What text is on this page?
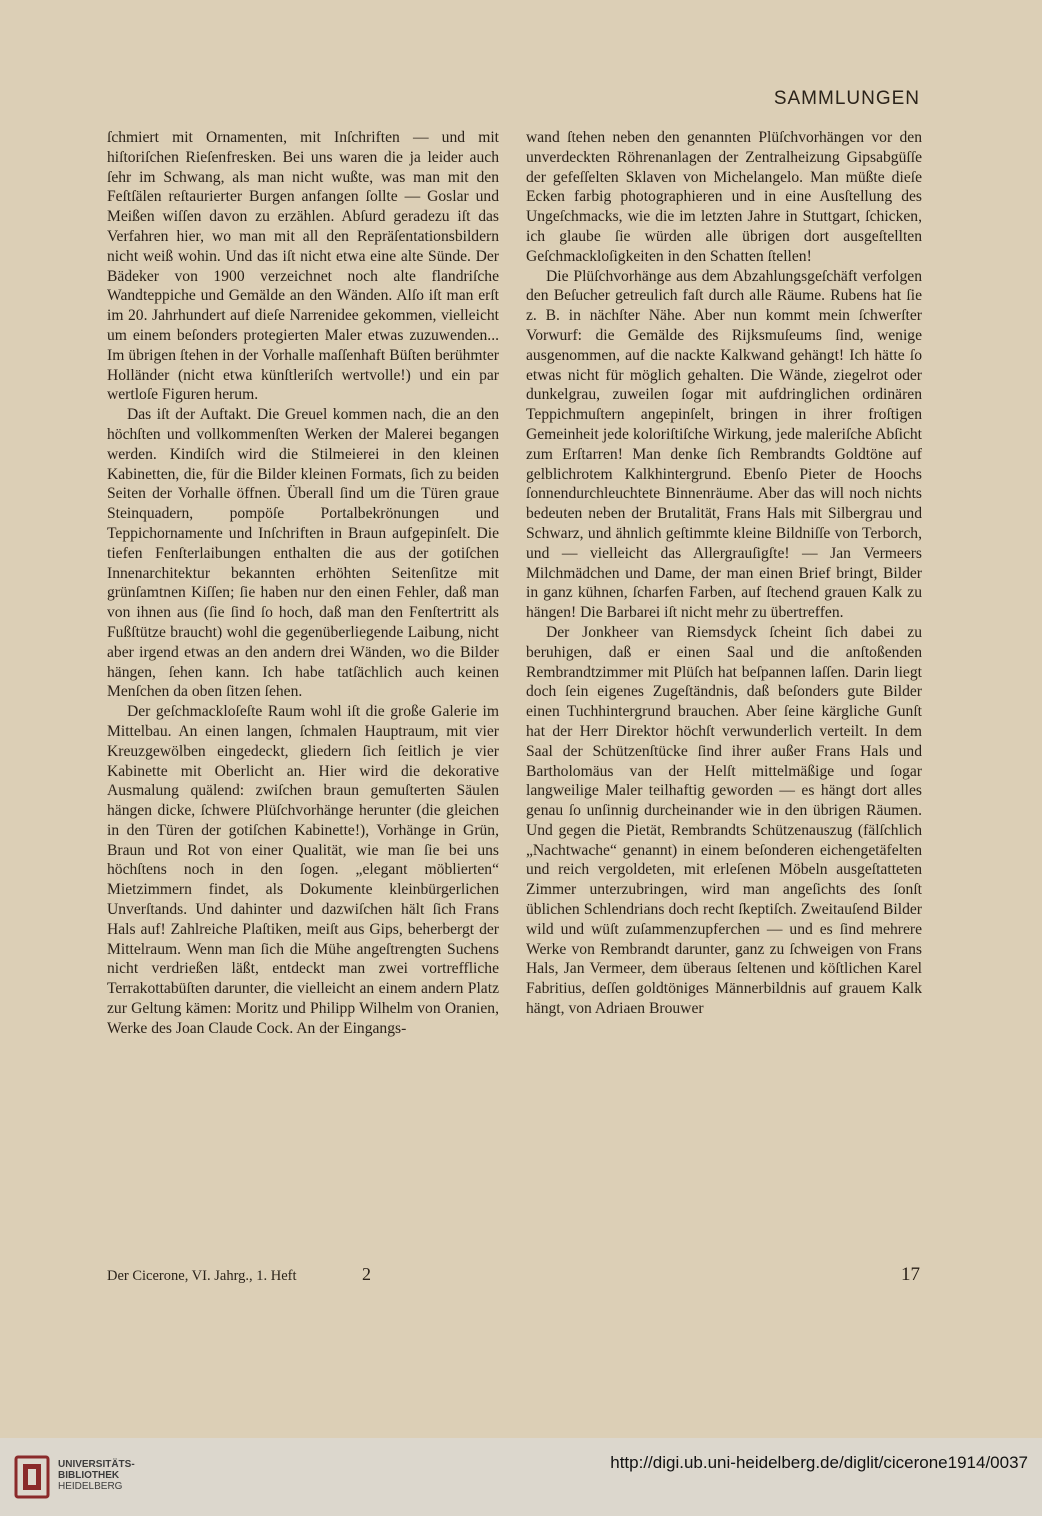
SAMMLUNGEN

ſchmiert mit Ornamenten, mit Inſchriften — und mit hiſtoriſchen Rieſenfresken. Bei uns waren die ja leider auch ſehr im Schwang, als man nicht wußte, was man mit den Feſtſälen reſtaurierter Burgen anfangen ſollte — Goslar und Meißen wiſſen davon zu erzählen. Abſurd geradezu iſt das Verfahren hier, wo man mit all den Repräſentationsbildern nicht weiß wohin. Und das iſt nicht etwa eine alte Sünde. Der Bädeker von 1900 verzeichnet noch alte flandriſche Wandteppiche und Gemälde an den Wänden. Alſo iſt man erſt im 20. Jahrhundert auf dieſe Narrenidee gekommen, vielleicht um einem beſonders protegierten Maler etwas zuzuwenden... Im übrigen ſtehen in der Vorhalle maſſenhaft Büſten berühmter Holländer (nicht etwa künſtleriſch wertvolle!) und ein par wertloſe Figuren herum.

Das iſt der Auftakt. Die Greuel kommen nach, die an den höchſten und vollkommenſten Werken der Malerei begangen werden. Kindiſch wird die Stilmeierei in den kleinen Kabinetten, die, für die Bilder kleinen Formats, ſich zu beiden Seiten der Vorhalle öffnen. Überall ſind um die Türen graue Steinquadern, pompöſe Portalbekrönungen und Teppichornamente und Inſchriften in Braun aufgepinſelt. Die tiefen Fenſterlaibungen enthalten die aus der gotiſchen Innenarchitektur bekannten erhöhten Seitenſitze mit grünſamtnen Kiſſen; ſie haben nur den einen Fehler, daß man von ihnen aus (ſie ſind ſo hoch, daß man den Fenſtertritt als Fußſtütze braucht) wohl die gegenüberliegende Laibung, nicht aber irgend etwas an den andern drei Wänden, wo die Bilder hängen, ſehen kann. Ich habe tatſächlich auch keinen Menſchen da oben ſitzen ſehen.

Der geſchmackloſeſte Raum wohl iſt die große Galerie im Mittelbau. An einen langen, ſchmalen Hauptraum, mit vier Kreuzgewölben eingedeckt, gliedern ſich ſeitlich je vier Kabinette mit Oberlicht an. Hier wird die dekorative Ausmalung quälend: zwiſchen braun gemuſterten Säulen hängen dicke, ſchwere Plüſchvorhänge herunter (die gleichen in den Türen der gotiſchen Kabinette!), Vorhänge in Grün, Braun und Rot von einer Qualität, wie man ſie bei uns höchſtens noch in den ſogen. „elegant möblierten“ Mietzimmern findet, als Dokumente kleinbürgerlichen Unverſtands. Und dahinter und dazwiſchen hält ſich Frans Hals auf! Zahlreiche Plaſtiken, meiſt aus Gips, beherbergt der Mittelraum. Wenn man ſich die Mühe angeſtrengten Suchens nicht verdrießen läßt, entdeckt man zwei vortreffliche Terrakottabüſten darunter, die vielleicht an einem andern Platz zur Geltung kämen: Moritz und Philipp Wilhelm von Oranien, Werke des Joan Claude Cock. An der Eingangs-

wand ſtehen neben den genannten Plüſchvorhängen vor den unverdeckten Röhrenanlagen der Zentralheizung Gipsabgüſſe der gefeſſelten Sklaven von Michelangelo. Man müßte dieſe Ecken farbig photographieren und in eine Ausſtellung des Ungeſchmacks, wie die im letzten Jahre in Stuttgart, ſchicken, ich glaube ſie würden alle übrigen dort ausgeſtellten Geſchmackloſigkeiten in den Schatten ſtellen!

Die Plüſchvorhänge aus dem Abzahlungsgeſchäft verfolgen den Beſucher getreulich faſt durch alle Räume. Rubens hat ſie z. B. in nächſter Nähe. Aber nun kommt mein ſchwerſter Vorwurf: die Gemälde des Rijksmuſeums ſind, wenige ausgenommen, auf die nackte Kalkwand gehängt! Ich hätte ſo etwas nicht für möglich gehalten. Die Wände, ziegelrot oder dunkelgrau, zuweilen ſogar mit aufdringlichen ordinären Teppichmuſtern angepinſelt, bringen in ihrer froſtigen Gemeinheit jede koloriſtiſche Wirkung, jede maleriſche Abſicht zum Erſtarren! Man denke ſich Rembrandts Goldtöne auf gelblichrotem Kalkhintergrund. Ebenſo Pieter de Hoochs ſonnendurchleuchtete Binnenräume. Aber das will noch nichts bedeuten neben der Brutalität, Frans Hals mit Silbergrau und Schwarz, und ähnlich geſtimmte kleine Bildniſſe von Terborch, und — vielleicht das Allergrauſigſte! — Jan Vermeers Milchmädchen und Dame, der man einen Brief bringt, Bilder in ganz kühnen, ſcharfen Farben, auf ſtechend grauen Kalk zu hängen! Die Barbarei iſt nicht mehr zu übertreffen.

Der Jonkheer van Riemsdyck ſcheint ſich dabei zu beruhigen, daß er einen Saal und die anſtoßenden Rembrandtzimmer mit Plüſch hat beſpannen laſſen. Darin liegt doch ſein eigenes Zugeſtändnis, daß beſonders gute Bilder einen Tuchhintergrund brauchen. Aber ſeine kärgliche Gunſt hat der Herr Direktor höchſt verwunderlich verteilt. In dem Saal der Schützenſtücke ſind ihrer außer Frans Hals und Bartholomäus van der Helſt mittelmäßige und ſogar langweilige Maler teilhaftig geworden — es hängt dort alles genau ſo unſinnig durcheinander wie in den übrigen Räumen. Und gegen die Pietät, Rembrandts Schützenauszug (fälſchlich „Nachtwache“ genannt) in einem beſonderen eichengetäfelten und reich vergoldeten, mit erleſenen Möbeln ausgeſtatteten Zimmer unterzubringen, wird man angeſichts des ſonſt üblichen Schlendrians doch recht ſkeptiſch. Zweitauſend Bilder wild und wüſt zuſammenzupferchen — und es ſind mehrere Werke von Rembrandt darunter, ganz zu ſchweigen von Frans Hals, Jan Vermeer, dem überaus ſeltenen und köſtlichen Karel Fabritius, deſſen goldtöniges Männerbildnis auf grauem Kalk hängt, von Adriaen Brouwer

Der Cicerone, VI. Jahrg., 1. Heft	2	17
UNIVERSITÄTS-
BIBLIOTHEK
HEIDELBERG
http://digi.ub.uni-heidelberg.de/diglit/cicerone1914/0037
